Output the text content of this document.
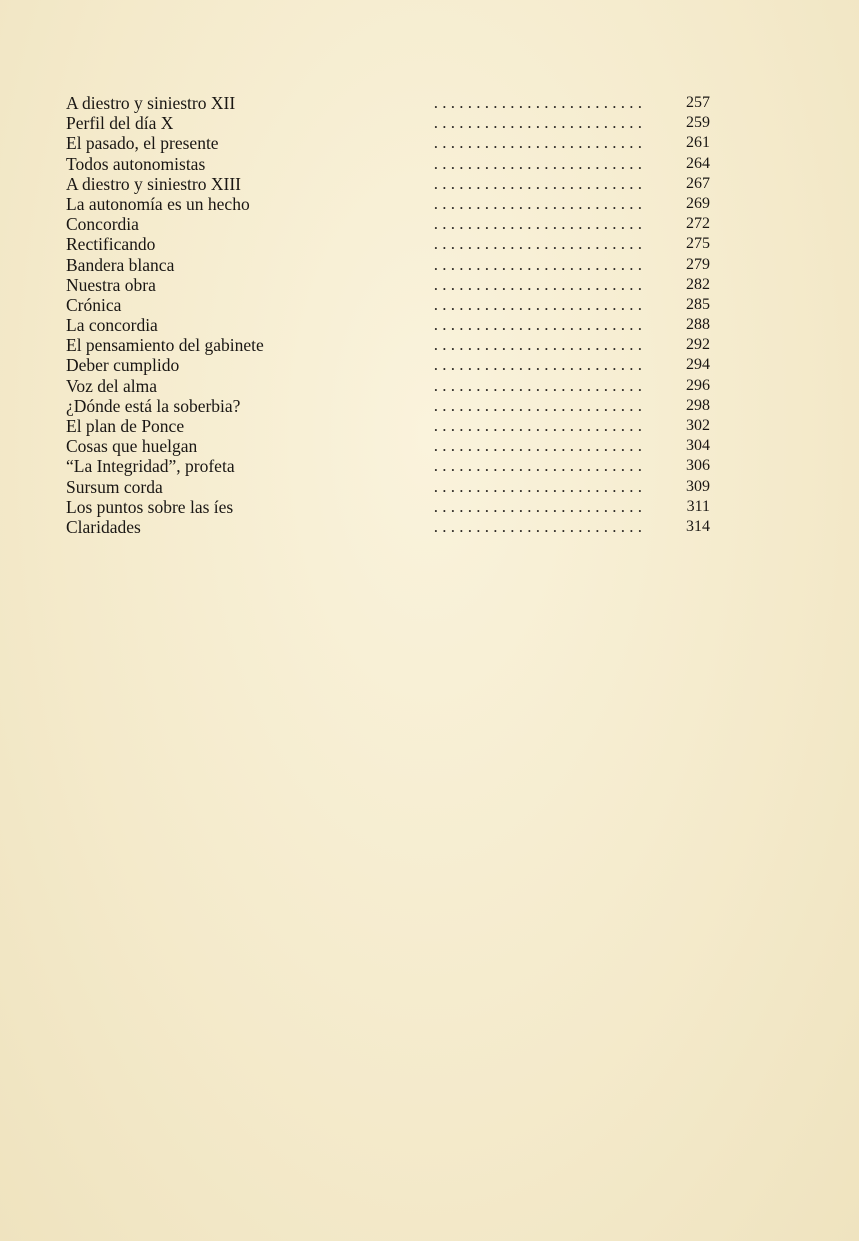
A diestro y siniestro XII	. . . . . . . . . . . . . . . . . . . . . . . . .	257
Perfil del día X	. . . . . . . . . . . . . . . . . . . . . . . . .	259
El pasado, el presente	. . . . . . . . . . . . . . . . . . . . . . . . .	261
Todos autonomistas	. . . . . . . . . . . . . . . . . . . . . . . . .	264
A diestro y siniestro XIII	. . . . . . . . . . . . . . . . . . . . . . . . .	267
La autonomía es un hecho	. . . . . . . . . . . . . . . . . . . . . . . . .	269
Concordia	. . . . . . . . . . . . . . . . . . . . . . . . .	272
Rectificando	. . . . . . . . . . . . . . . . . . . . . . . . .	275
Bandera blanca	. . . . . . . . . . . . . . . . . . . . . . . . .	279
Nuestra obra	. . . . . . . . . . . . . . . . . . . . . . . . .	282
Crónica	. . . . . . . . . . . . . . . . . . . . . . . . .	285
La concordia	. . . . . . . . . . . . . . . . . . . . . . . . .	288
El pensamiento del gabinete	. . . . . . . . . . . . . . . . . . . . . . . . .	292
Deber cumplido	. . . . . . . . . . . . . . . . . . . . . . . . .	294
Voz del alma	. . . . . . . . . . . . . . . . . . . . . . . . .	296
¿Dónde está la soberbia?	. . . . . . . . . . . . . . . . . . . . . . . . .	298
El plan de Ponce	. . . . . . . . . . . . . . . . . . . . . . . . .	302
Cosas que huelgan	. . . . . . . . . . . . . . . . . . . . . . . . .	304
“La Integridad”, profeta	. . . . . . . . . . . . . . . . . . . . . . . . .	306
Sursum corda	. . . . . . . . . . . . . . . . . . . . . . . . .	309
Los puntos sobre las íes	. . . . . . . . . . . . . . . . . . . . . . . . .	311
Claridades	. . . . . . . . . . . . . . . . . . . . . . . . .	314
